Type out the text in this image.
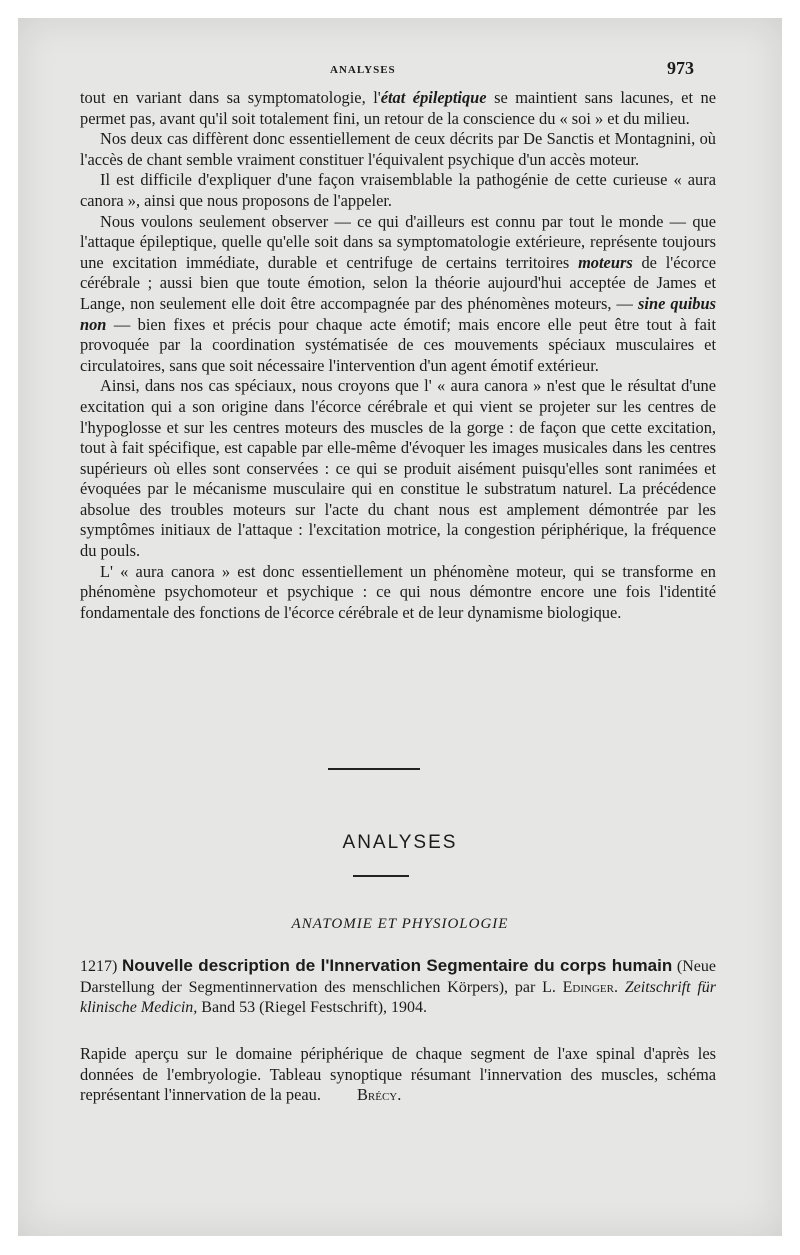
ANALYSES	973

tout en variant dans sa symptomatologie, l'état épileptique se maintient sans lacunes, et ne permet pas, avant qu'il soit totalement fini, un retour de la conscience du « soi » et du milieu.

Nos deux cas diffèrent donc essentiellement de ceux décrits par De Sanctis et Montagnini, où l'accès de chant semble vraiment constituer l'équivalent psychique d'un accès moteur.

Il est difficile d'expliquer d'une façon vraisemblable la pathogénie de cette curieuse « aura canora », ainsi que nous proposons de l'appeler.

Nous voulons seulement observer — ce qui d'ailleurs est connu par tout le monde — que l'attaque épileptique, quelle qu'elle soit dans sa symptomatologie extérieure, représente toujours une excitation immédiate, durable et centrifuge de certains territoires moteurs de l'écorce cérébrale ; aussi bien que toute émotion, selon la théorie aujourd'hui acceptée de James et Lange, non seulement elle doit être accompagnée par des phénomènes moteurs, — sine quibus non — bien fixes et précis pour chaque acte émotif; mais encore elle peut être tout à fait provoquée par la coordination systématisée de ces mouvements spéciaux musculaires et circulatoires, sans que soit nécessaire l'intervention d'un agent émotif extérieur.

Ainsi, dans nos cas spéciaux, nous croyons que l' « aura canora » n'est que le résultat d'une excitation qui a son origine dans l'écorce cérébrale et qui vient se projeter sur les centres de l'hypoglosse et sur les centres moteurs des muscles de la gorge : de façon que cette excitation, tout à fait spécifique, est capable par elle-même d'évoquer les images musicales dans les centres supérieurs où elles sont conservées : ce qui se produit aisément puisqu'elles sont ranimées et évoquées par le mécanisme musculaire qui en constitue le substratum naturel. La précédence absolue des troubles moteurs sur l'acte du chant nous est amplement démontrée par les symptômes initiaux de l'attaque : l'excitation motrice, la congestion périphérique, la fréquence du pouls.

L' « aura canora » est donc essentiellement un phénomène moteur, qui se transforme en phénomène psychomoteur et psychique : ce qui nous démontre encore une fois l'identité fondamentale des fonctions de l'écorce cérébrale et de leur dynamisme biologique.

ANALYSES
ANATOMIE ET PHYSIOLOGIE
1217) Nouvelle description de l'Innervation Segmentaire du corps humain (Neue Darstellung der Segmentinnervation des menschlichen Körpers), par L. Edinger. Zeitschrift für klinische Medicin, Band 53 (Riegel Festschrift), 1904.

Rapide aperçu sur le domaine périphérique de chaque segment de l'axe spinal d'après les données de l'embryologie. Tableau synoptique résumant l'innervation des muscles, schéma représentant l'innervation de la peau. Brécy.
